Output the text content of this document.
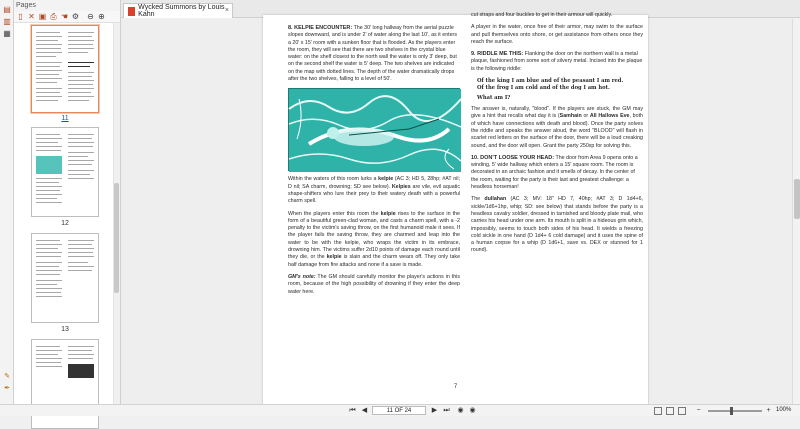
▤
▥
▦
✎
✒
Pages
▯ ✕ ▣ ⎙ ☚ ⚙ ⊖ ⊕
11
12
13
Wycked Summons by Louis Kahn
×

8. KELPIE ENCOUNTER: The 30' long hallway from the aerial puzzle slopes downward, and is under 2' of water along the last 10', as it enters a 20' x 15' room with a sunken floor that is flooded. As the players enter the room, they will see that there are two shelves in the crystal blue water: on the shelf closest to the north wall the water is only 3' deep, but on the second shelf the water is 5' deep. The two shelves are indicated on the map with dotted lines. The depth of the water dramatically drops after the two shelves, falling to a level of 50'.

Within the waters of this room lurks a kelpie (AC 3; HD 5, 28hp; #AT nil; D nil; SA charm, drowning; SD see below). Kelpies are vile, evil aquatic shape-shifters who lure their prey to their watery death with a powerful charm spell.

When the players enter this room the kelpie rises to the surface in the form of a beautiful green-clad woman, and casts a charm spell, with a -2 penalty to the victim's saving throw, on the first humanoid male it sees. If the player fails the saving throw, they are charmed and leap into the water to be with the kelpie, who wraps the victim in its embrace, drowning him. The victims suffer 2d10 points of damage each round until they die, or the kelpie is slain and the charm wears off. They only take half damage from fire attacks and none if a save is made.

GM's note: The GM should carefully monitor the player's actions in this room, because of the high possibility of drowning if they enter the deep water here.

cut straps and four buckles to get in their armour will quickly.

A player in the water, once free of their armor, may swim to the surface and pull themselves onto shore, or get assistance from others once they reach the surface.

9. RIDDLE ME THIS: Flanking the door on the northern wall is a metal plaque, fashioned from some sort of silvery metal. Incised into the plaque is the following riddle:

Of the king I am blue and of the peasant I am red.
Of the frog I am cold and of the dog I am hot.
What am I?

The answer is, naturally, "blood". If the players are stuck, the GM may give a hint that recalls what day it is (Samhain or All Hallows Eve, both of which have connections with death and blood). Once the party solves the riddle and speaks the answer aloud, the word "BLOOD" will flash in scarlet red letters on the surface of the door, there will be a loud creaking sound, and the door will open. Grant the party 250xp for solving this.

10. DON'T LOOSE YOUR HEAD: The door from Area 9 opens onto a winding, 5' wide hallway which enters a 15' square room. The room is decorated in an archaic fashion and it smells of decay. In the center of the room, waiting for the party is their last and greatest challenge: a headless horseman!

The dullahan (AC 3; MV: 18" HD 7, 40hp; #AT 3; D 1d4+6, sickle/1d6+1hp, whip; SD: see below) that stands before the party is a headless cavalry soldier, dressed in tarnished and bloody plate mail, who carries his head under one arm. Its mouth is split in a hideous grin which, impossibly, seems to touch both sides of his head. It wields a freezing cold sickle in one hand (D 1d4+ 6 cold damage) and it uses the spine of a human corpse for a whip (D 1d6+1, save vs. DEX or stunned for 1 round).

7
⏮ ◀	11 OF 24	▶ ⏭ ◉ ◉	−	+ 100%
